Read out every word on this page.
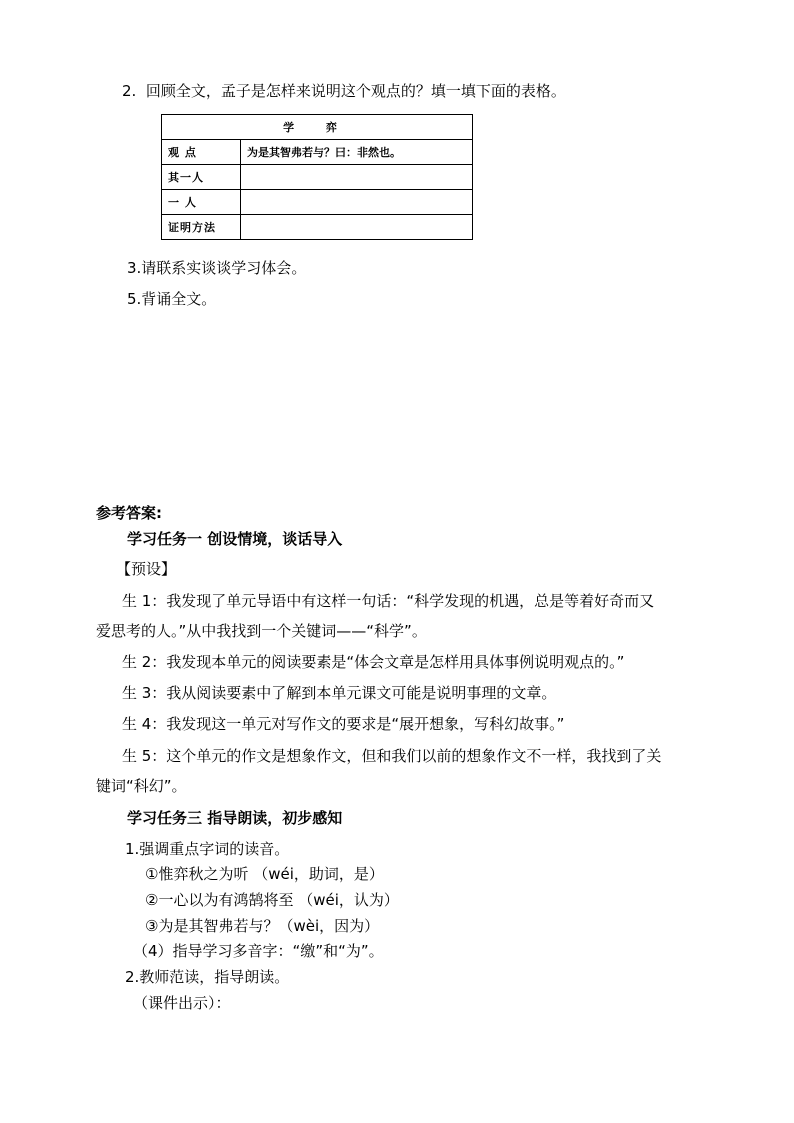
2.  回顾全文，孟子是怎样来说明这个观点的？填一填下面的表格。
学 弈	
观 点	为是其智弗若与？曰：非然也。
其一人	
一 人	
证明方法	
3.请联系实谈谈学习体会。
5.背诵全文。
参考答案:
学习任务一 创设情境，谈话导入
【预设】
生 1：我发现了单元导语中有这样一句话：“科学发现的机遇，总是等着好奇而又
爱思考的人。”从中我找到一个关键词——“科学”。
生 2：我发现本单元的阅读要素是“体会文章是怎样用具体事例说明观点的。”
生 3：我从阅读要素中了解到本单元课文可能是说明事理的文章。
生 4：我发现这一单元对写作文的要求是“展开想象，写科幻故事。”
生 5：这个单元的作文是想象作文，但和我们以前的想象作文不一样，我找到了关
键词“科幻”。
学习任务三 指导朗读，初步感知
1.强调重点字词的读音。
①惟弈秋之为听 （wéi，助词，是）
②一心以为有鸿鹄将至 （wéi，认为）
③为是其智弗若与？（wèi，因为）
（4）指导学习多音字：“缴”和“为”。
2.教师范读，指导朗读。
（课件出示）：
